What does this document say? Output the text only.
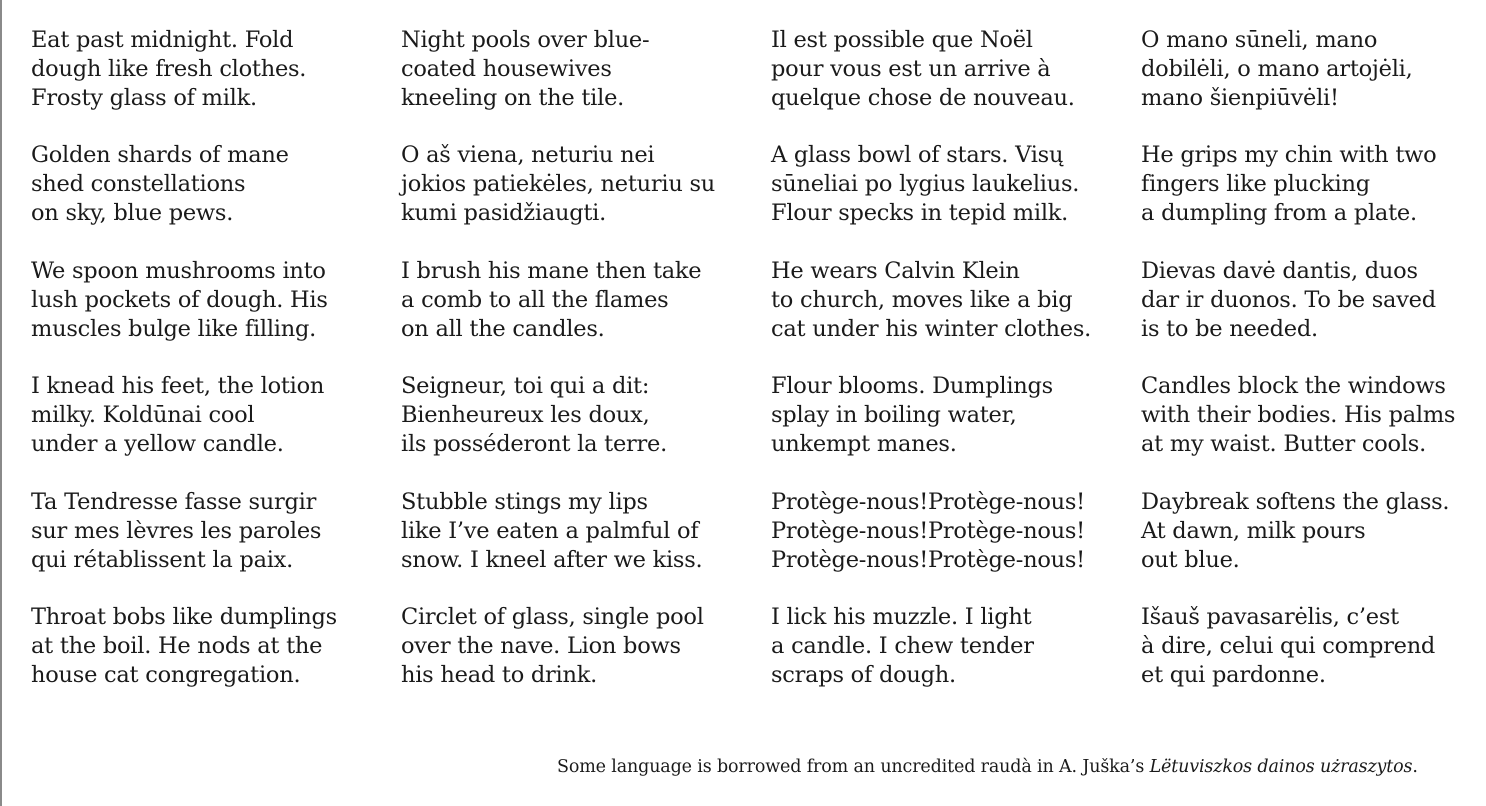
Eat past midnight. Fold
dough like fresh clothes.
Frosty glass of milk.

Night pools over blue-
coated housewives
kneeling on the tile.

Il est possible que Noël
pour vous est un arrive à
quelque chose de nouveau.

O mano sūneli, mano
dobilėli, o mano artojėli,
mano šienpiūvėli!

Golden shards of mane
shed constellations
on sky, blue pews.

O aš viena, neturiu nei
jokios patiekėles, neturiu su
kumi pasidžiaugti.

A glass bowl of stars. Visų
sūneliai po lygius laukelius.
Flour specks in tepid milk.

He grips my chin with two
fingers like plucking
a dumpling from a plate.

We spoon mushrooms into
lush pockets of dough. His
muscles bulge like filling.

I brush his mane then take
a comb to all the flames
on all the candles.

He wears Calvin Klein
to church, moves like a big
cat under his winter clothes.

Dievas davė dantis, duos
dar ir duonos. To be saved
is to be needed.

I knead his feet, the lotion
milky. Koldūnai cool
under a yellow candle.

Seigneur, toi qui a dit:
Bienheureux les doux,
ils posséderont la terre.

Flour blooms. Dumplings
splay in boiling water,
unkempt manes.

Candles block the windows
with their bodies. His palms
at my waist. Butter cools.

Ta Tendresse fasse surgir
sur mes lèvres les paroles
qui rétablissent la paix.

Stubble stings my lips
like I’ve eaten a palmful of
snow. I kneel after we kiss.

Protège-nous!Protège-nous!
Protège-nous!Protège-nous!
Protège-nous!Protège-nous!

Daybreak softens the glass.
At dawn, milk pours
out blue.

Throat bobs like dumplings
at the boil. He nods at the
house cat congregation.

Circlet of glass, single pool
over the nave. Lion bows
his head to drink.

I lick his muzzle. I light
a candle. I chew tender
scraps of dough.

Išauš pavasarėlis, c’est
à dire, celui qui comprend
et qui pardonne.

Some language is borrowed from an uncredited raudà in A. Juška’s Lëtuviszkos dainos użraszytos.
